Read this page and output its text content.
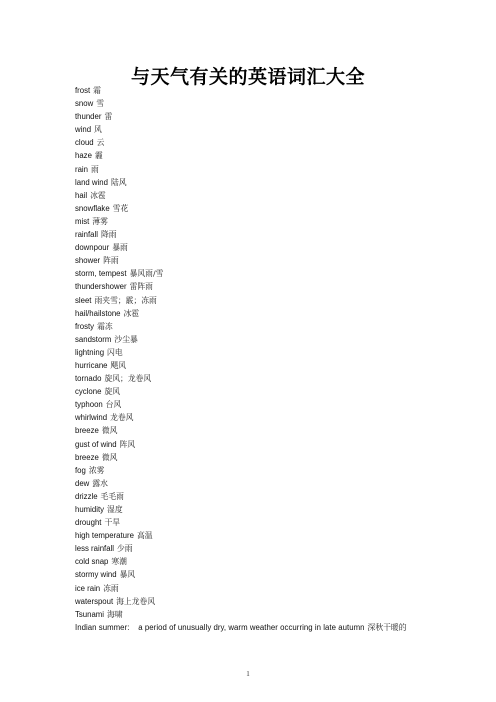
与天气有关的英语词汇大全
frost 霜
snow 雪
thunder 雷
wind 风
cloud 云
haze 霾
rain 雨
land wind 陆风
hail 冰雹
snowflake 雪花
mist 薄雾
rainfall 降雨
downpour 暴雨
shower 阵雨
storm, tempest 暴风雨/雪
thundershower 雷阵雨
sleet 雨夹雪；霰；冻雨
hail/hailstone 冰雹
frosty 霜冻
sandstorm 沙尘暴
lightning 闪电
hurricane 飓风
tornado 旋风；龙卷风
cyclone 旋风
typhoon 台风
whirlwind 龙卷风
breeze 微风
gust of wind 阵风
breeze 微风
fog 浓雾
dew 露水
drizzle 毛毛雨
humidity 湿度
drought 干旱
high temperature 高温
less rainfall 少雨
cold snap 寒潮
stormy wind 暴风
ice rain 冻雨
waterspout 海上龙卷风
Tsunami 海啸
Indian summer:    a period of unusually dry, warm weather occurring in late autumn 深秋干暖的
1
